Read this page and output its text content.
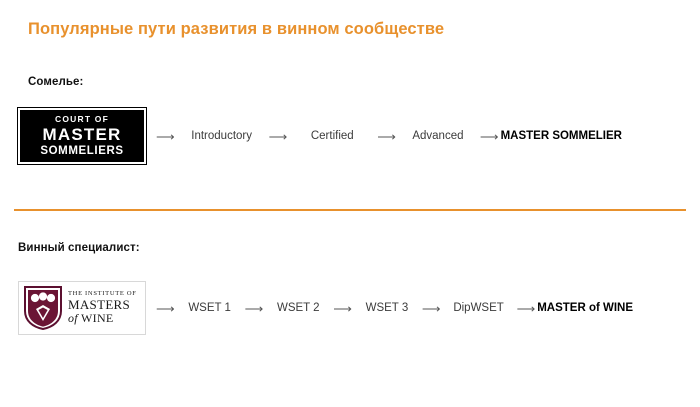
Популярные пути развития в винном сообществе
Сомелье:
COURT OF
MASTER
SOMMELIERS
⟶	Introductory	⟶	Certified	⟶	Advanced	⟶ MASTER SOMMELIER
Винный специалист:
THE INSTITUTE OF
MASTERS
of WINE
⟶	WSET 1	⟶	WSET 2	⟶	WSET 3	⟶	DipWSET ⟶ MASTER of WINE
